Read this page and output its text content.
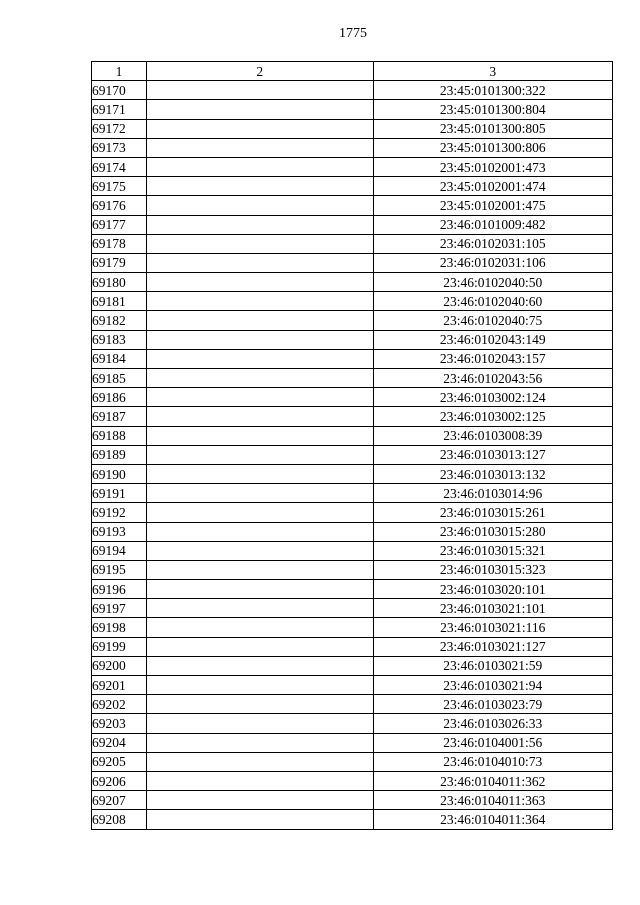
1775
1	2	3
69170		23:45:0101300:322
69171		23:45:0101300:804
69172		23:45:0101300:805
69173		23:45:0101300:806
69174		23:45:0102001:473
69175		23:45:0102001:474
69176		23:45:0102001:475
69177		23:46:0101009:482
69178		23:46:0102031:105
69179		23:46:0102031:106
69180		23:46:0102040:50
69181		23:46:0102040:60
69182		23:46:0102040:75
69183		23:46:0102043:149
69184		23:46:0102043:157
69185		23:46:0102043:56
69186		23:46:0103002:124
69187		23:46:0103002:125
69188		23:46:0103008:39
69189		23:46:0103013:127
69190		23:46:0103013:132
69191		23:46:0103014:96
69192		23:46:0103015:261
69193		23:46:0103015:280
69194		23:46:0103015:321
69195		23:46:0103015:323
69196		23:46:0103020:101
69197		23:46:0103021:101
69198		23:46:0103021:116
69199		23:46:0103021:127
69200		23:46:0103021:59
69201		23:46:0103021:94
69202		23:46:0103023:79
69203		23:46:0103026:33
69204		23:46:0104001:56
69205		23:46:0104010:73
69206		23:46:0104011:362
69207		23:46:0104011:363
69208		23:46:0104011:364
